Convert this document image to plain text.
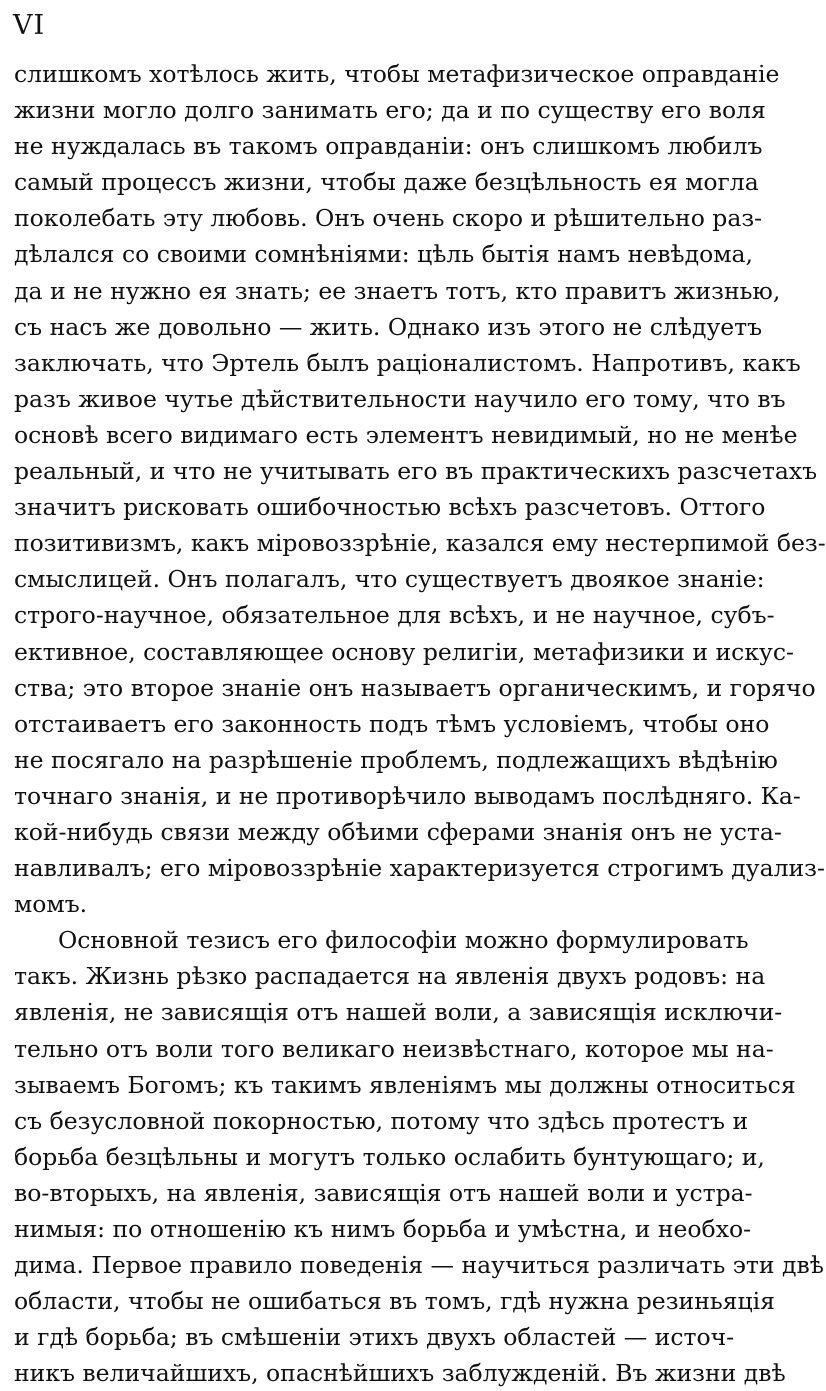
VI
слишкомъ хотѣлось жить, чтобы метафизическое оправданіе
жизни могло долго занимать его; да и по существу его воля
не нуждалась въ такомъ оправданіи: онъ слишкомъ любилъ
самый процессъ жизни, чтобы даже безцѣльность ея могла
поколебать эту любовь. Онъ очень скоро и рѣшительно раз-
дѣлался со своими сомнѣніями: цѣль бытія намъ невѣдома,
да и не нужно ея знать; ее знаетъ тотъ, кто правитъ жизнью,
съ насъ же довольно — жить. Однако изъ этого не слѣдуетъ
заключать, что Эртель былъ раціоналистомъ. Напротивъ, какъ
разъ живое чутье дѣйствительности научило его тому, что въ
основѣ всего видимаго есть элементъ невидимый, но не менѣе
реальный, и что не учитывать его въ практическихъ разсчетахъ
значитъ рисковать ошибочностью всѣхъ разсчетовъ. Оттого
позитивизмъ, какъ міровоззрѣніе, казался ему нестерпимой без-
смыслицей. Онъ полагалъ, что существуетъ двоякое знаніе:
строго-научное, обязательное для всѣхъ, и не научное, субъ-
ективное, составляющее основу религіи, метафизики и искус-
ства; это второе знаніе онъ называетъ органическимъ, и горячо
отстаиваетъ его законность подъ тѣмъ условіемъ, чтобы оно
не посягало на разрѣшеніе проблемъ, подлежащихъ вѣдѣнію
точнаго знанія, и не противорѣчило выводамъ послѣдняго. Ка-
кой-нибудь связи между обѣими сферами знанія онъ не уста-
навливалъ; его міровоззрѣніе характеризуется строгимъ дуализ-
момъ.
Основной тезисъ его философіи можно формулировать
такъ. Жизнь рѣзко распадается на явленія двухъ родовъ: на
явленія, не зависящія отъ нашей воли, а зависящія исключи-
тельно отъ воли того великаго неизвѣстнаго, которое мы на-
зываемъ Богомъ; къ такимъ явленіямъ мы должны относиться
съ безусловной покорностью, потому что здѣсь протестъ и
борьба безцѣльны и могутъ только ослабить бунтующаго; и,
во-вторыхъ, на явленія, зависящія отъ нашей воли и устра-
нимыя: по отношенію къ нимъ борьба и умѣстна, и необхо-
дима. Первое правило поведенія — научиться различать эти двѣ
области, чтобы не ошибаться въ томъ, гдѣ нужна резиньяція
и гдѣ борьба; въ смѣшеніи этихъ двухъ областей — источ-
никъ величайшихъ, опаснѣйшихъ заблужденій. Въ жизни двѣ
